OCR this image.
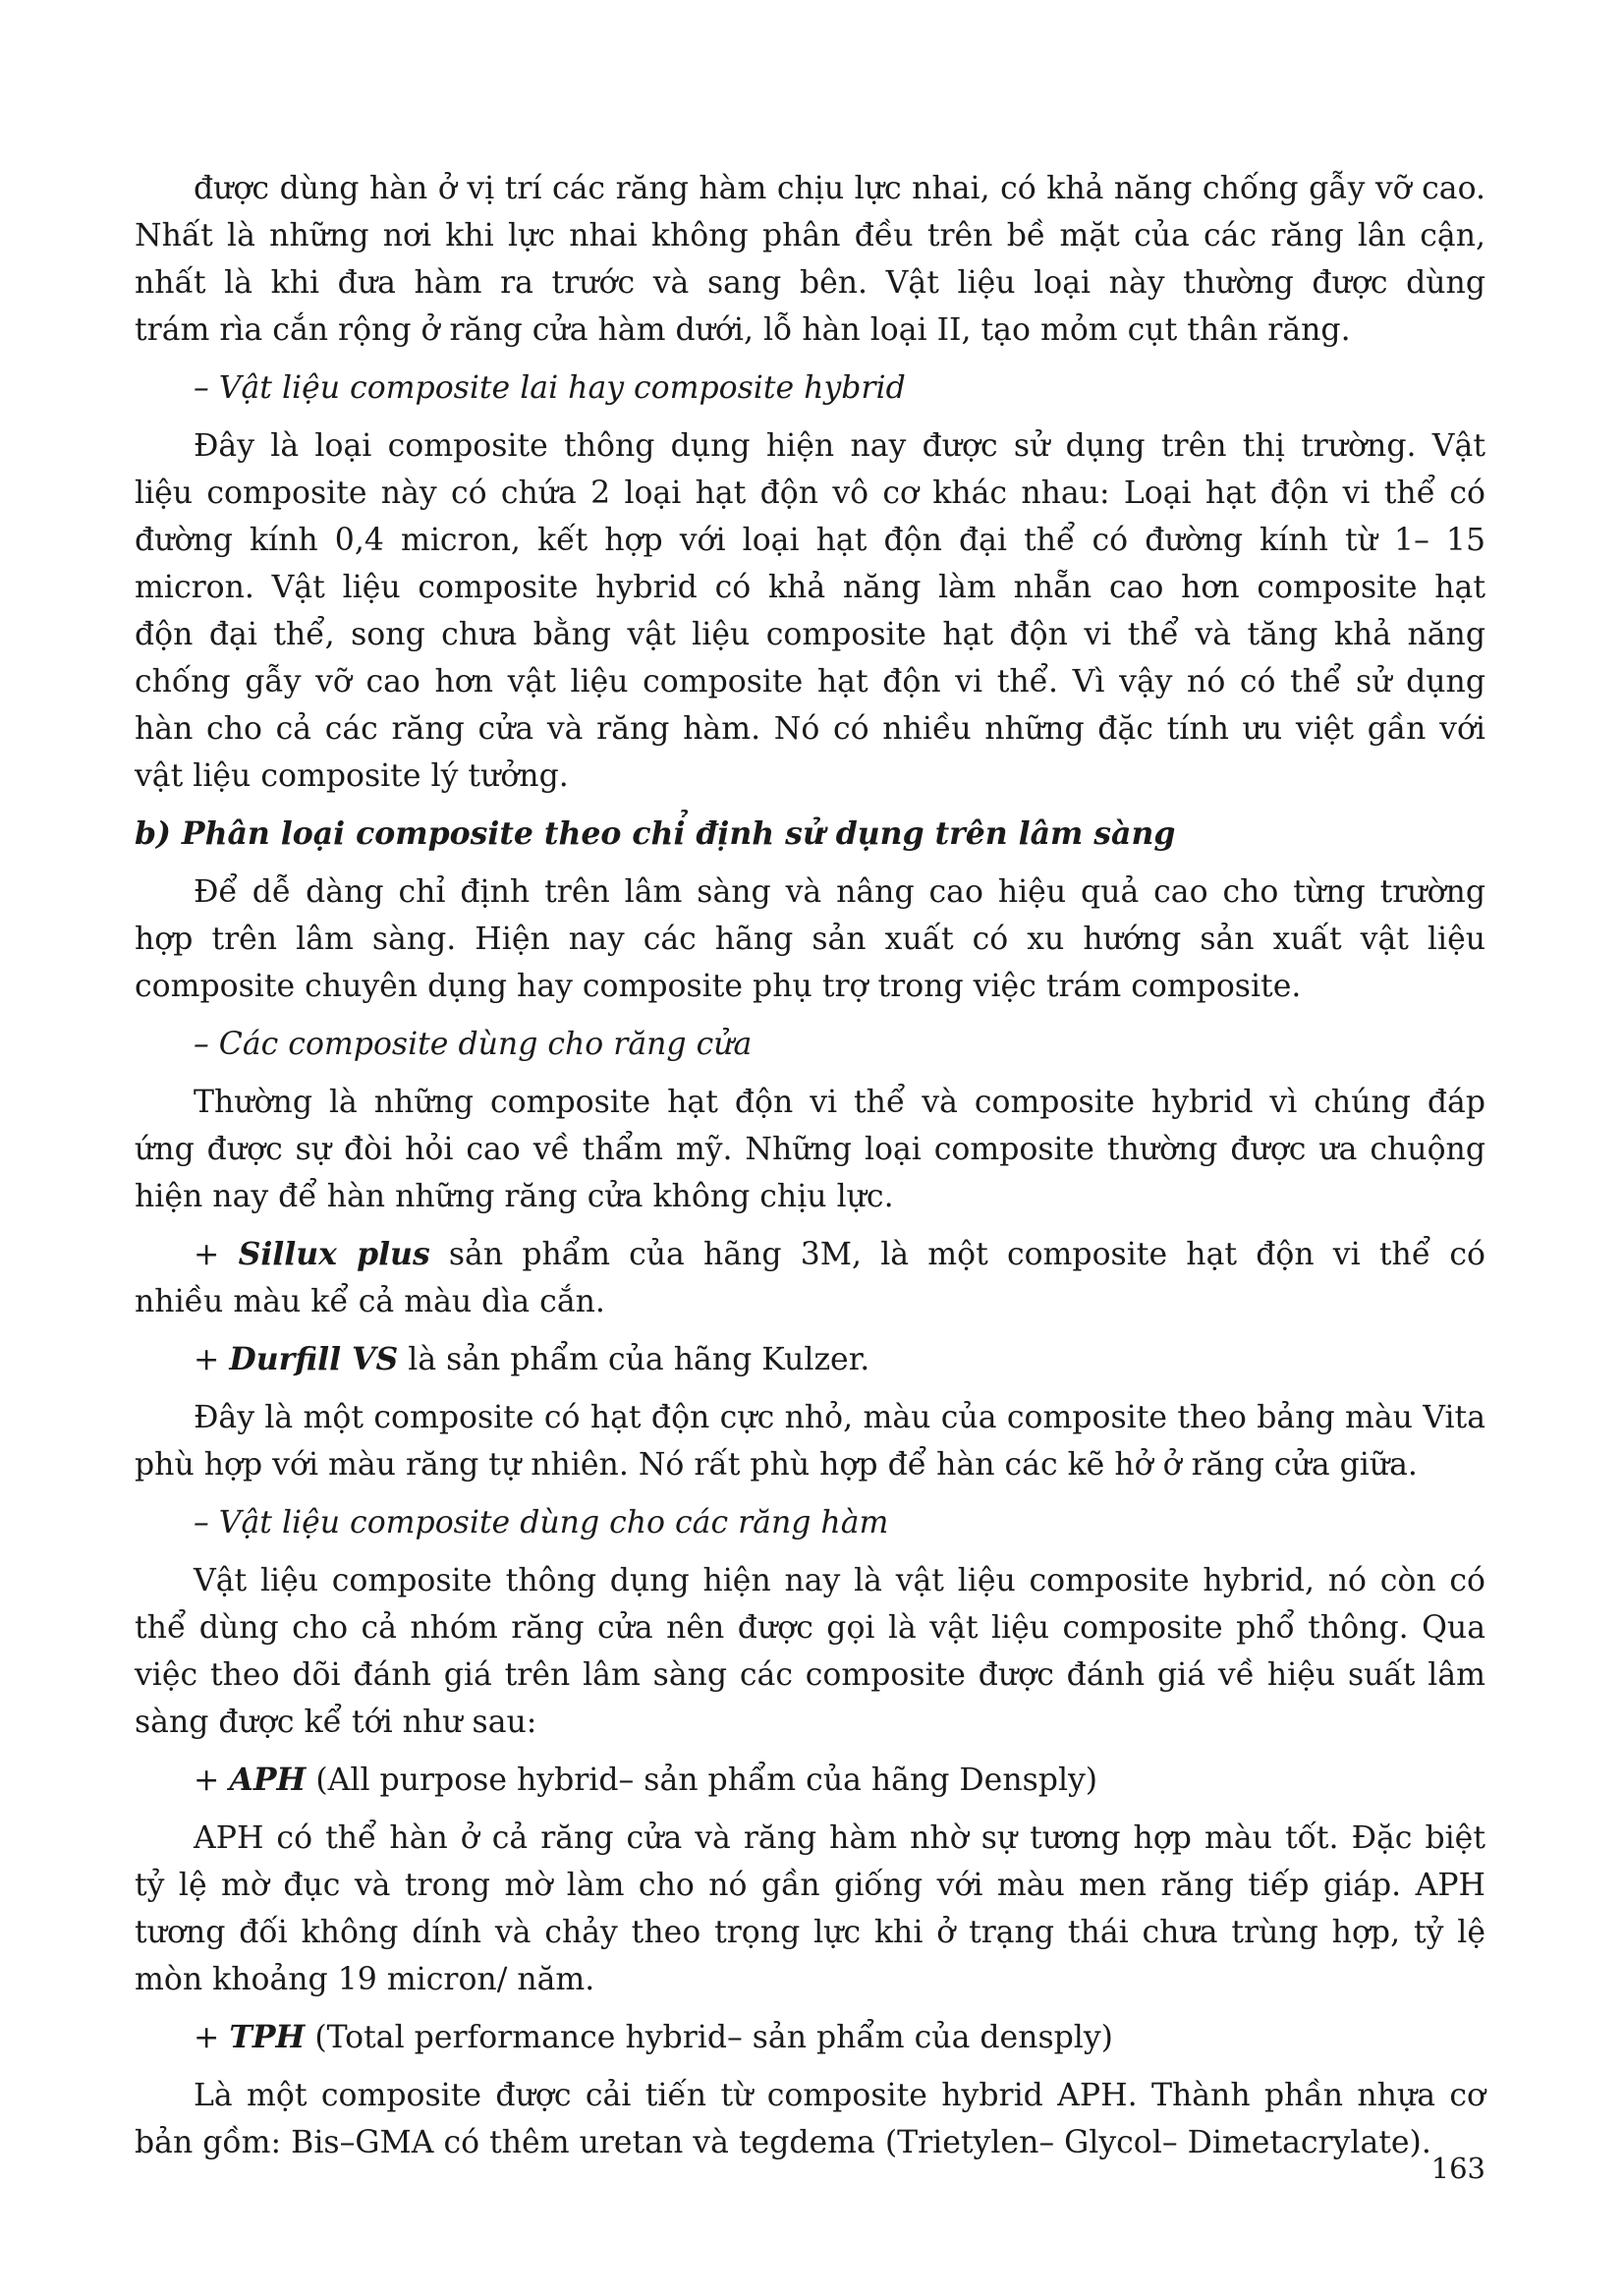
được dùng hàn ở vị trí các răng hàm chịu lực nhai, có khả năng chống gẫy vỡ cao.
Nhất là những nơi khi lực nhai không phân đều trên bề mặt của các răng lân cận,
nhất là khi đưa hàm ra trước và sang bên. Vật liệu loại này thường được dùng
trám rìa cắn rộng ở răng cửa hàm dưới, lỗ hàn loại II, tạo mỏm cụt thân răng.
– Vật liệu composite lai hay composite hybrid
Đây là loại composite thông dụng hiện nay được sử dụng trên thị trường. Vật
liệu composite này có chứa 2 loại hạt độn vô cơ khác nhau: Loại hạt độn vi thể có
đường kính 0,4 micron, kết hợp với loại hạt độn đại thể có đường kính từ 1– 15
micron. Vật liệu composite hybrid có khả năng làm nhẵn cao hơn composite hạt
độn đại thể, song chưa bằng vật liệu composite hạt độn vi thể và tăng khả năng
chống gẫy vỡ cao hơn vật liệu composite hạt độn vi thể. Vì vậy nó có thể sử dụng
hàn cho cả các răng cửa và răng hàm. Nó có nhiều những đặc tính ưu việt gần với
vật liệu composite lý tưởng.
b) Phân loại composite theo chỉ định sử dụng trên lâm sàng
Để dễ dàng chỉ định trên lâm sàng và nâng cao hiệu quả cao cho từng trường
hợp trên lâm sàng. Hiện nay các hãng sản xuất có xu hướng sản xuất vật liệu
composite chuyên dụng hay composite phụ trợ trong việc trám composite.
– Các composite dùng cho răng cửa
Thường là những composite hạt độn vi thể và composite hybrid vì chúng đáp
ứng được sự đòi hỏi cao về thẩm mỹ. Những loại composite thường được ưa chuộng
hiện nay để hàn những răng cửa không chịu lực.
+ Sillux plus sản phẩm của hãng 3M, là một composite hạt độn vi thể có
nhiều màu kể cả màu dìa cắn.
+ Durfill VS là sản phẩm của hãng Kulzer.
Đây là một composite có hạt độn cực nhỏ, màu của composite theo bảng màu Vita
phù hợp với màu răng tự nhiên. Nó rất phù hợp để hàn các kẽ hở ở răng cửa giữa.
– Vật liệu composite dùng cho các răng hàm
Vật liệu composite thông dụng hiện nay là vật liệu composite hybrid, nó còn có
thể dùng cho cả nhóm răng cửa nên được gọi là vật liệu composite phổ thông. Qua
việc theo dõi đánh giá trên lâm sàng các composite được đánh giá về hiệu suất lâm
sàng được kể tới như sau:
+ APH (All purpose hybrid– sản phẩm của hãng Densply)
APH có thể hàn ở cả răng cửa và răng hàm nhờ sự tương hợp màu tốt. Đặc biệt
tỷ lệ mờ đục và trong mờ làm cho nó gần giống với màu men răng tiếp giáp. APH
tương đối không dính và chảy theo trọng lực khi ở trạng thái chưa trùng hợp, tỷ lệ
mòn khoảng 19 micron/ năm.
+ TPH (Total performance hybrid– sản phẩm của densply)
Là một composite được cải tiến từ composite hybrid APH. Thành phần nhựa cơ
bản gồm: Bis–GMA có thêm uretan và tegdema (Trietylen– Glycol– Dimetacrylate).
163
